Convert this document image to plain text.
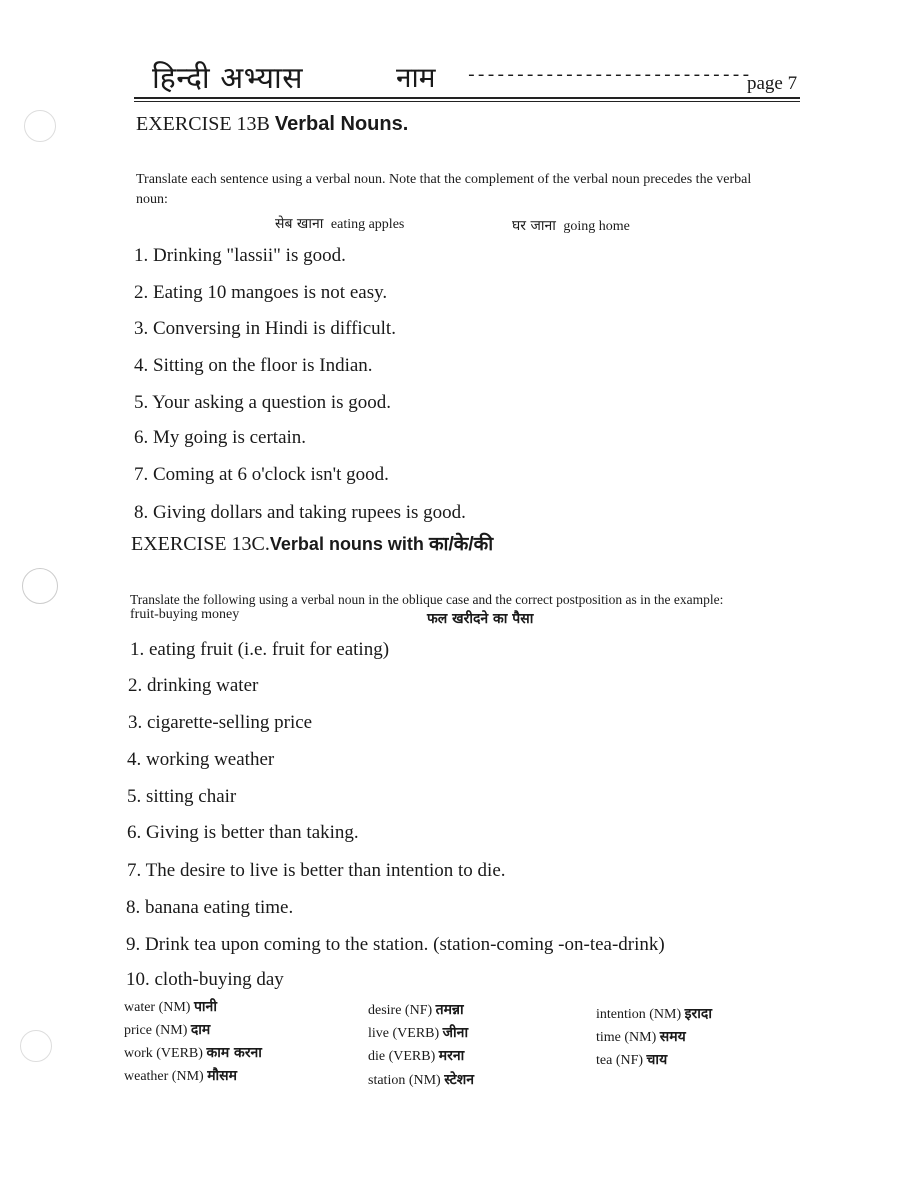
हिन्दी अभ्यास	नाम -----------------------------
page 7
EXERCISE 13B Verbal Nouns.
Translate each sentence using a verbal noun. Note that the complement of the verbal noun precedes the verbal
noun:
सेब खाना eating apples	घर जाना going home
1. Drinking "lassii" is good.
2. Eating 10 mangoes is not easy.
3. Conversing in Hindi is difficult.
4. Sitting on the floor is Indian.
5. Your asking a question is good.
6. My going is certain.
7. Coming at 6 o'clock isn't good.
8. Giving dollars and taking rupees is good.
EXERCISE 13C.Verbal nouns with का/के/की
Translate the following using a verbal noun in the oblique case and the correct postposition as in the example:
fruit-buying money	फल खरीदने का पैसा
1. eating fruit (i.e. fruit for eating)
2. drinking water
3. cigarette-selling price
4. working weather
5. sitting chair
6. Giving is better than taking.
7. The desire to live is better than intention to die.
8. banana eating time.
9. Drink tea upon coming to the station. (station-coming -on-tea-drink)
10. cloth-buying day
water (NM) पानी
price (NM) दाम
work (VERB) काम करना
weather (NM) मौसम
desire (NF) तमन्ना
live (VERB) जीना
die (VERB) मरना
station (NM) स्टेशन
intention (NM) इरादा
time (NM) समय
tea (NF) चाय
